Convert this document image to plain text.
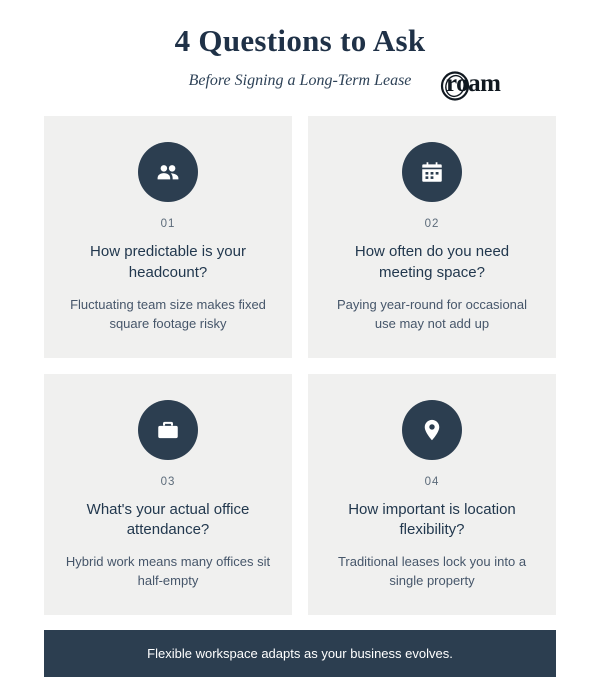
4 Questions to Ask

Before Signing a Long-Term Lease	roam
01
How predictable is your headcount?
Fluctuating team size makes fixed square footage risky
02
How often do you need meeting space?
Paying year-round for occasional use may not add up
03
What's your actual office attendance?
Hybrid work means many offices sit half-empty
04
How important is location flexibility?
Traditional leases lock you into a single property
Flexible workspace adapts as your business evolves.
